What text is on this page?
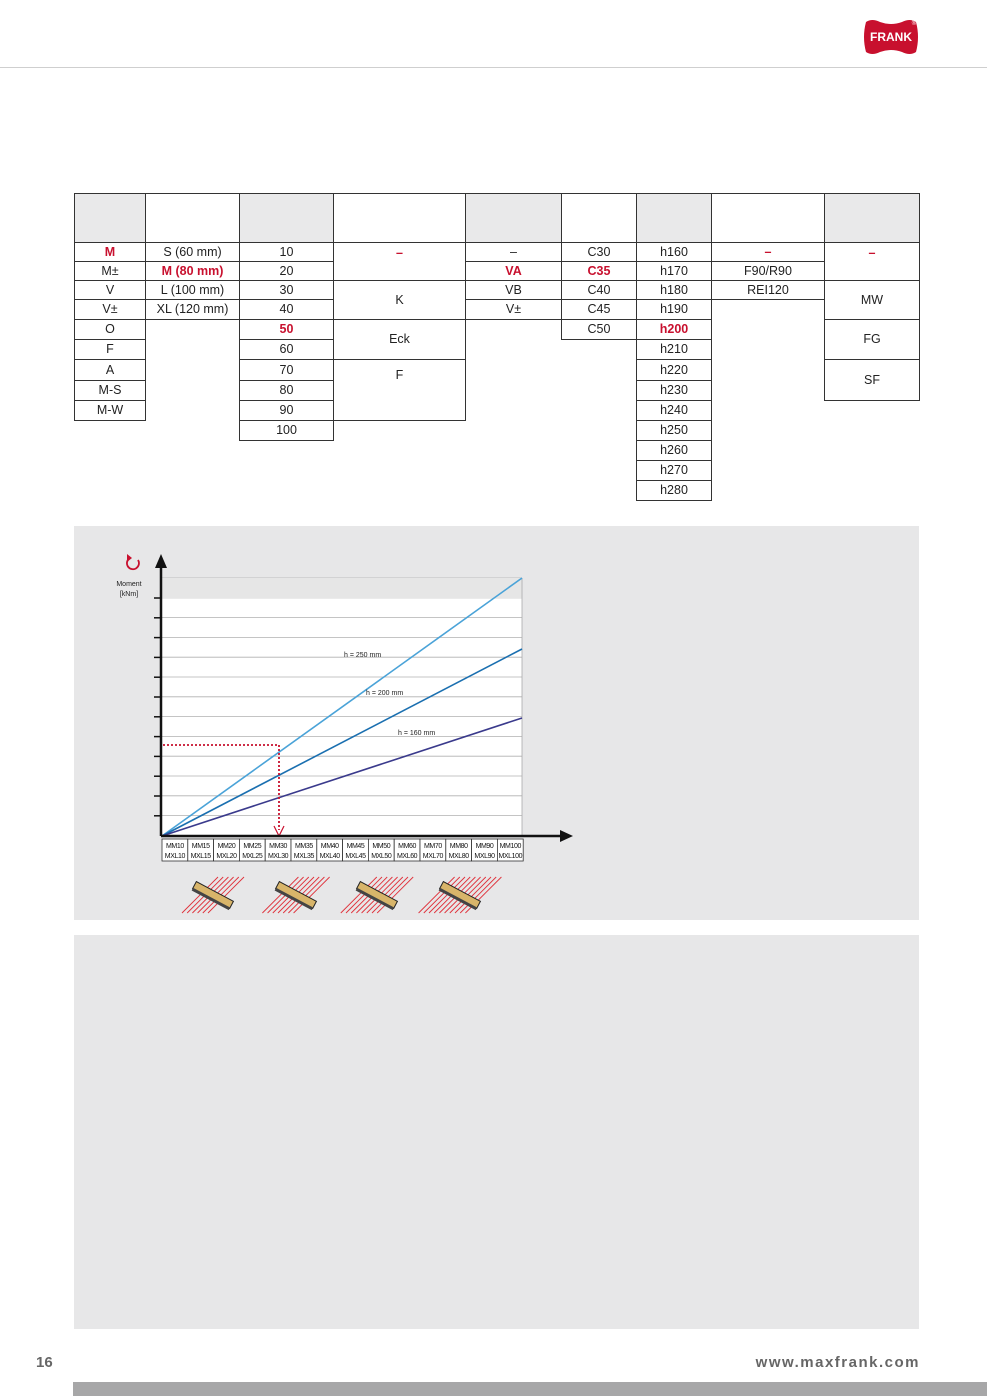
FRANK
®
M
M±
V
V±
O
F
A
M-S
M-W
S (60 mm)
M (80 mm)
L (100 mm)
XL (120 mm)
10
20
30
40
50
60
70
80
90
100
–
K
Eck
F
–
VA
VB
V±
C30
C35
C40
C45
C50
h160
h170
h180
h190
h200
h210
h220
h230
h240
h250
h260
h270
h280
–
F90/R90
REI120
–
MW
FG
SF
h = 250 mm
h = 200 mm
h = 160 mm
MM10
MXL10
MM15
MXL15
MM20
MXL20
MM25
MXL25
MM30
MXL30
MM35
MXL35
MM40
MXL40
MM45
MXL45
MM50
MXL50
MM60
MXL60
MM70
MXL70
MM80
MXL80
MM90
MXL90
MM100
MXL100
Moment
[kNm]
16	www.maxfrank.com
